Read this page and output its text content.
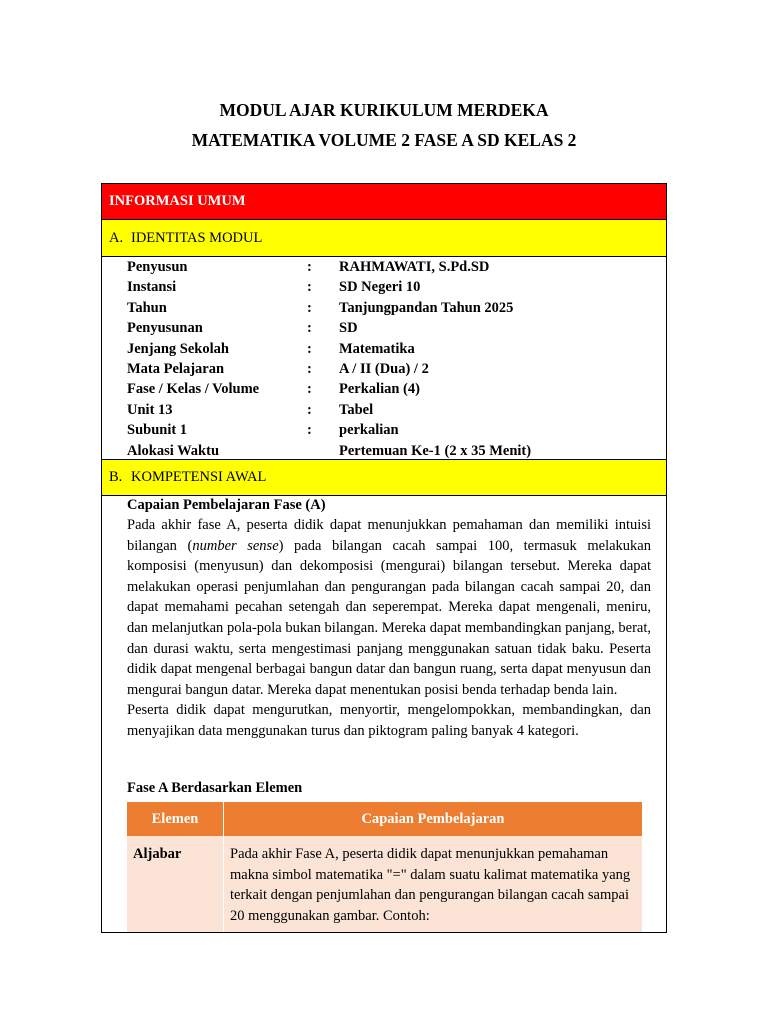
MODUL AJAR KURIKULUM MERDEKA
MATEMATIKA VOLUME 2 FASE A SD KELAS 2
INFORMASI UMUM
A. IDENTITAS MODUL
Penyusun	: RAHMAWATI, S.Pd.SD
Instansi	: SD Negeri 10
Tahun	: Tanjungpandan Tahun 2025
Penyusunan	: SD
Jenjang Sekolah	: Matematika
Mata Pelajaran	: A / II (Dua) / 2
Fase / Kelas / Volume	: Perkalian (4)
Unit 13	: Tabel
Subunit 1	: perkalian
Alokasi Waktu	Pertemuan Ke-1 (2 x 35 Menit)
B. KOMPETENSI AWAL
Capaian Pembelajaran Fase (A)
Pada akhir fase A, peserta didik dapat menunjukkan pemahaman dan memiliki intuisi bilangan (number sense) pada bilangan cacah sampai 100, termasuk melakukan komposisi (menyusun) dan dekomposisi (mengurai) bilangan tersebut. Mereka dapat melakukan operasi penjumlahan dan pengurangan pada bilangan cacah sampai 20, dan dapat memahami pecahan setengah dan seperempat. Mereka dapat mengenali, meniru, dan melanjutkan pola-pola bukan bilangan. Mereka dapat membandingkan panjang, berat, dan durasi waktu, serta mengestimasi panjang menggunakan satuan tidak baku. Peserta didik dapat mengenal berbagai bangun datar dan bangun ruang, serta dapat menyusun dan mengurai bangun datar. Mereka dapat menentukan posisi benda terhadap benda lain.
Peserta didik dapat mengurutkan, menyortir, mengelompokkan, membandingkan, dan menyajikan data menggunakan turus dan piktogram paling banyak 4 kategori.
Fase A Berdasarkan Elemen
Elemen	Capaian Pembelajaran
Aljabar	Pada akhir Fase A, peserta didik dapat menunjukkan pemahaman makna simbol matematika "=" dalam suatu kalimat matematika yang terkait dengan penjumlahan dan pengurangan bilangan cacah sampai 20 menggunakan gambar. Contoh:
